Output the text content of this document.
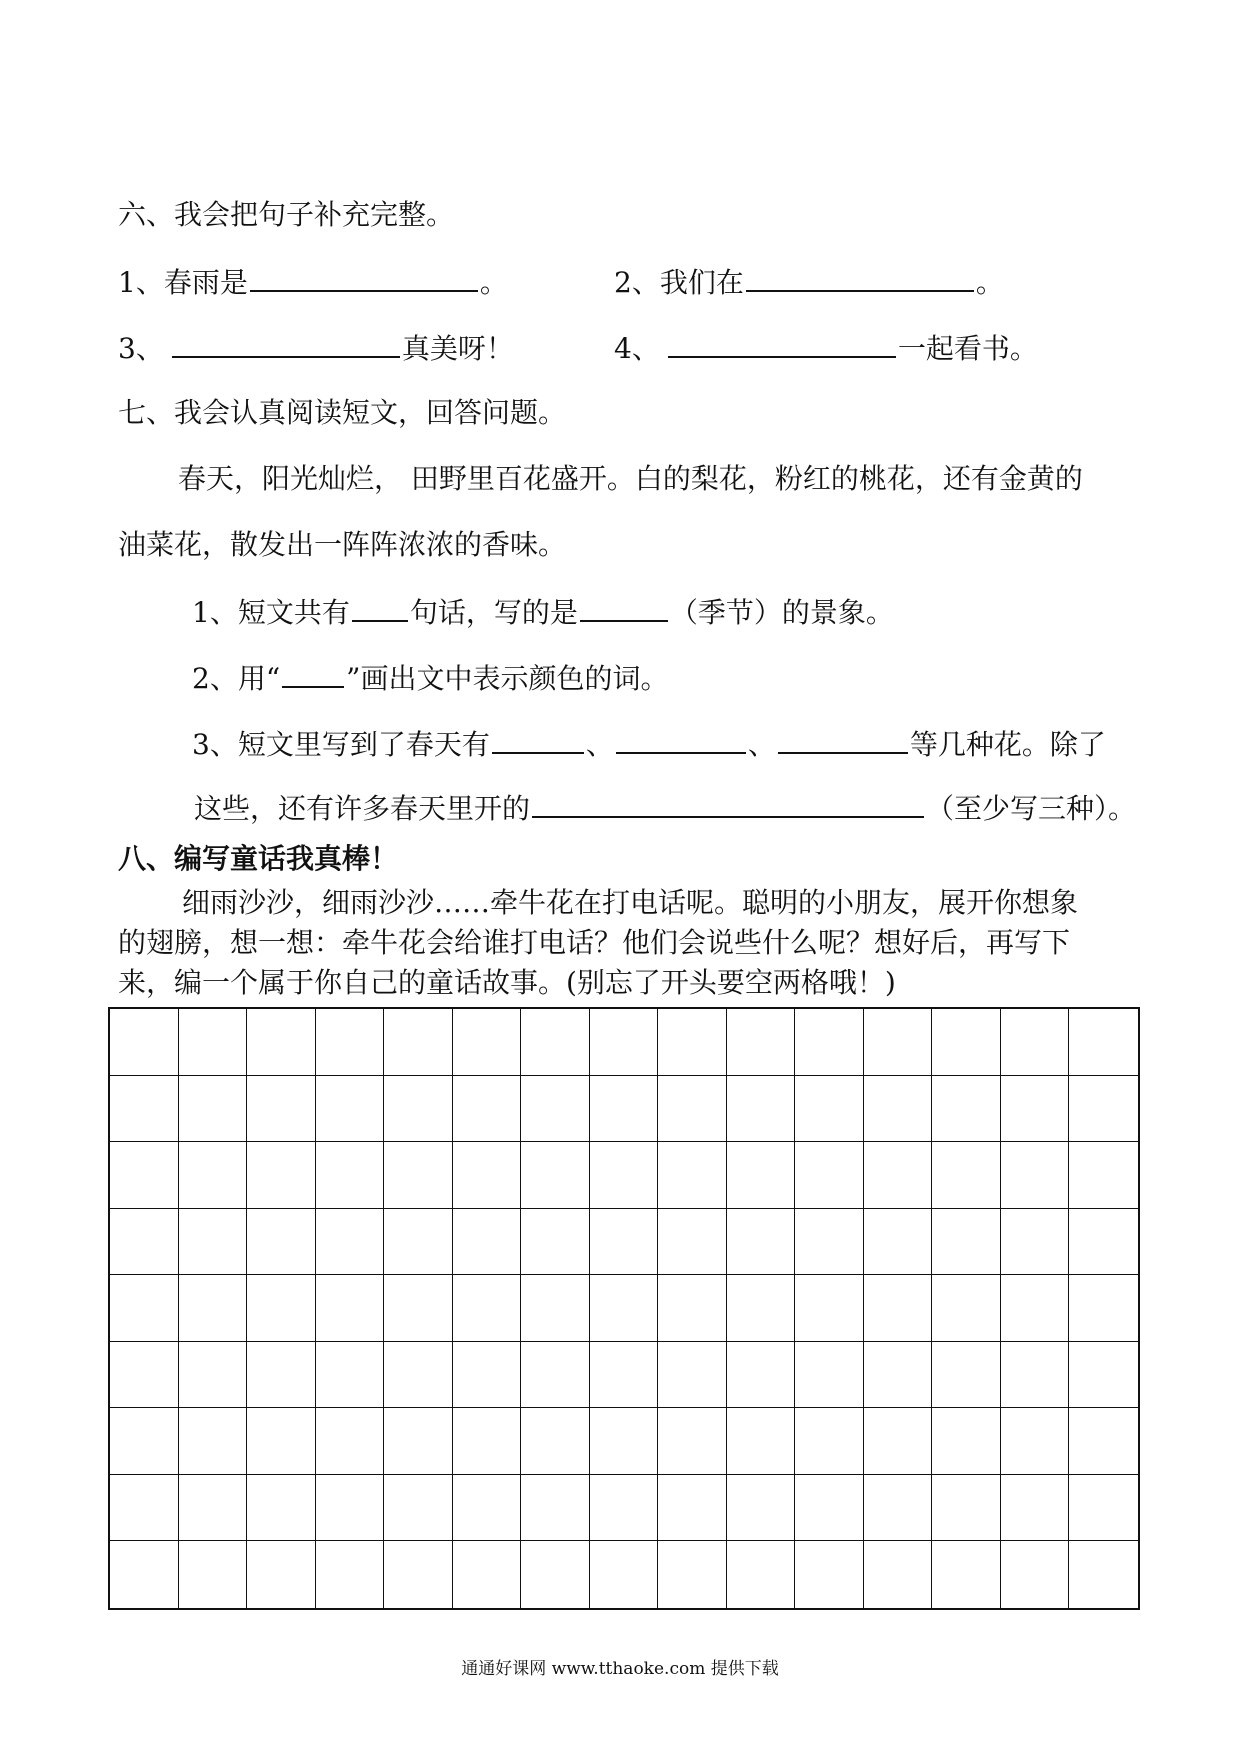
六、我会把句子补充完整。
1、春雨是	。	2、我们在	。
3、	真美呀！	4、	一起看书。
七、我会认真阅读短文，回答问题。
春天，阳光灿烂， 田野里百花盛开。白的梨花，粉红的桃花，还有金黄的
油菜花，散发出一阵阵浓浓的香味。
1、短文共有 句话，写的是	（季节）的景象。
2、用“ ”画出文中表示颜色的词。
3、短文里写到了春天有	、	、	等几种花。除了
这些，还有许多春天里开的	（至少写三种）。
八、编写童话我真棒！
细雨沙沙，细雨沙沙……牵牛花在打电话呢。聪明的小朋友，展开你想象
的翅膀，想一想：牵牛花会给谁打电话？他们会说些什么呢？想好后，再写下
来，编一个属于你自己的童话故事。(别忘了开头要空两格哦！)
通通好课网 www.tthaoke.com 提供下载
